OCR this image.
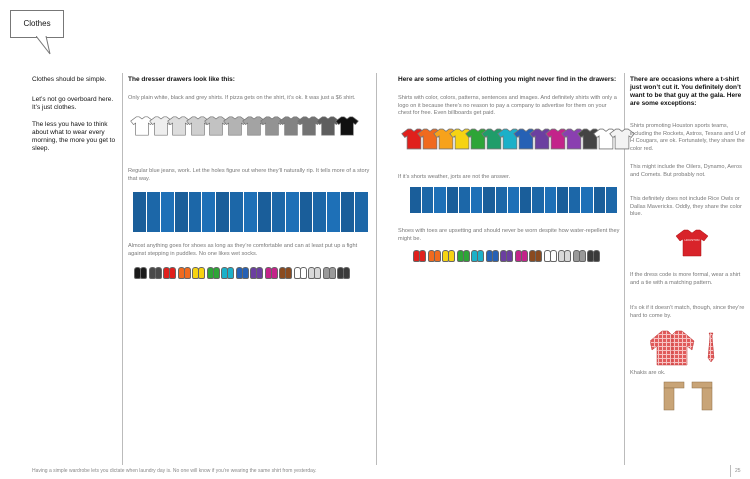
Clothes
Clothes should be simple.
Let’s not go overboard here. It’s just clothes.
The less you have to think about what to wear every morning, the more you get to sleep.
The dresser drawers look like this:
Only plain white, black and grey shirts. If pizza gets on the shirt, it’s ok. It was just a $6 shirt.
Regular blue jeans, work. Let the holes figure out where they’ll naturally rip. It tells more of a story that way.
Almost anything goes for shoes as long as they’re comfortable and can at least put up a fight against stepping in puddles. No one likes wet socks.
Here are some articles of clothing you might never find in the drawers:
Shirts with color, colors, patterns, sentences and images. And definitely shirts with only a logo on it because there’s no reason to pay a company to advertise for them on your chest for free. Even billboards get paid.
If it’s shorts weather, jorts are not the answer.
Shoes with toes are upsetting and should never be worn despite how water-repellent they might be.
There are occasions where a t-shirt just won’t cut it. You definitely don’t want to be that guy at the gala. Here are some exceptions:
Shirts promoting Houston sports teams, including the Rockets, Astros, Texans and U of H Cougars, are ok. Fortunately, they share the color red.
This might include the Oilers, Dynamo, Aeros and Comets. But probably not.
This definitely does not include Rice Owls or Dallas Mavericks. Oddly, they share the color blue.
HOUSTON
If the dress code is more formal, wear a shirt and a tie with a matching pattern.
It’s ok if it doesn’t match, though, since they’re hard to come by.
Khakis are ok.
Having a simple wardrobe lets you dictate when laundry day is. No one will know if you’re wearing the same shirt from yesterday.	25
